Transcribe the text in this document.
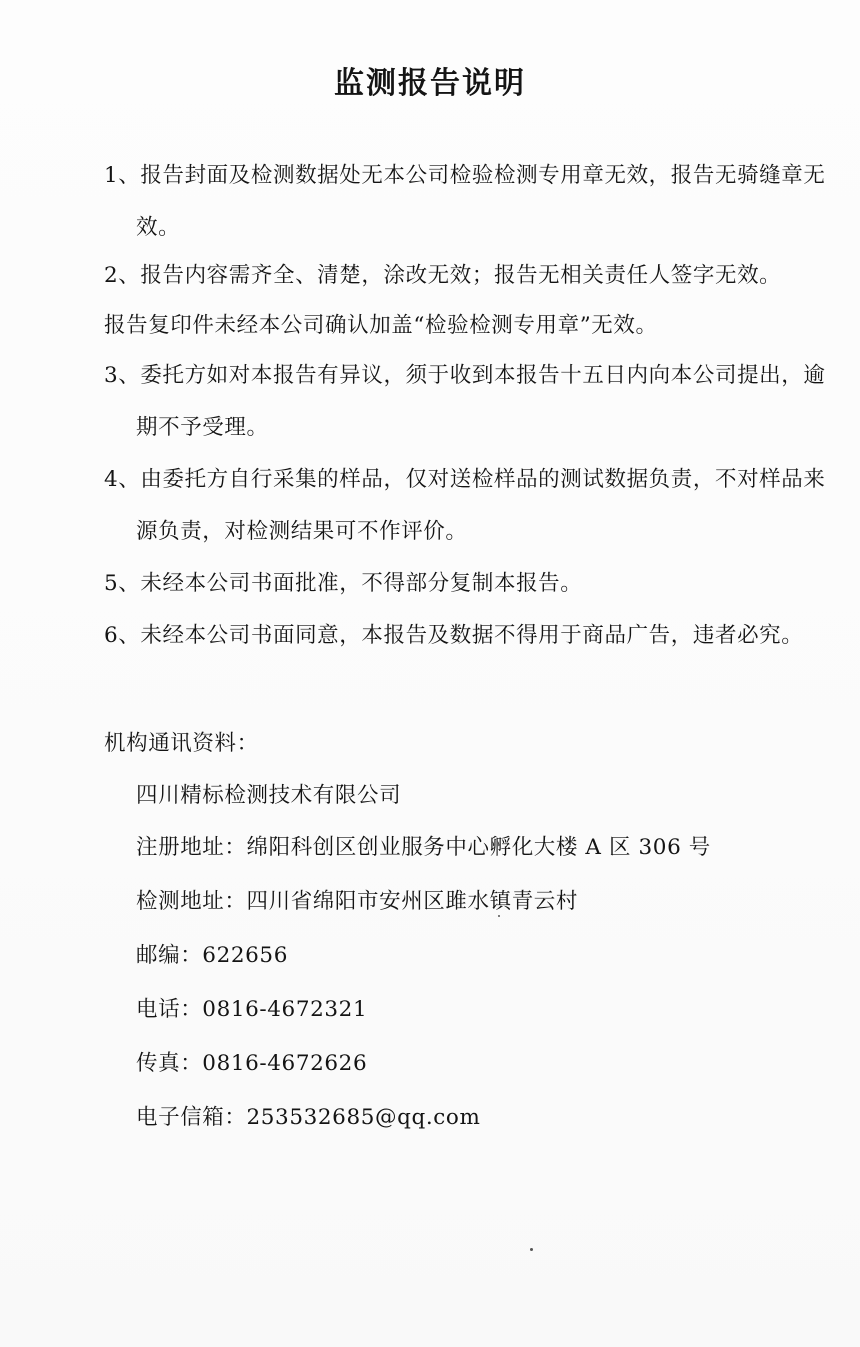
监测报告说明
1、报告封面及检测数据处无本公司检验检测专用章无效，报告无骑缝章无
效。
2、报告内容需齐全、清楚，涂改无效；报告无相关责任人签字无效。
报告复印件未经本公司确认加盖“检验检测专用章”无效。
3、委托方如对本报告有异议，须于收到本报告十五日内向本公司提出，逾
期不予受理。
4、由委托方自行采集的样品，仅对送检样品的测试数据负责，不对样品来
源负责，对检测结果可不作评价。
5、未经本公司书面批准，不得部分复制本报告。
6、未经本公司书面同意，本报告及数据不得用于商品广告，违者必究。
机构通讯资料：
四川精标检测技术有限公司
注册地址：绵阳科创区创业服务中心孵化大楼 A 区 306 号
检测地址：四川省绵阳市安州区雎水镇青云村
邮编：622656
电话：0816-4672321
传真：0816-4672626
电子信箱：253532685@qq.com
